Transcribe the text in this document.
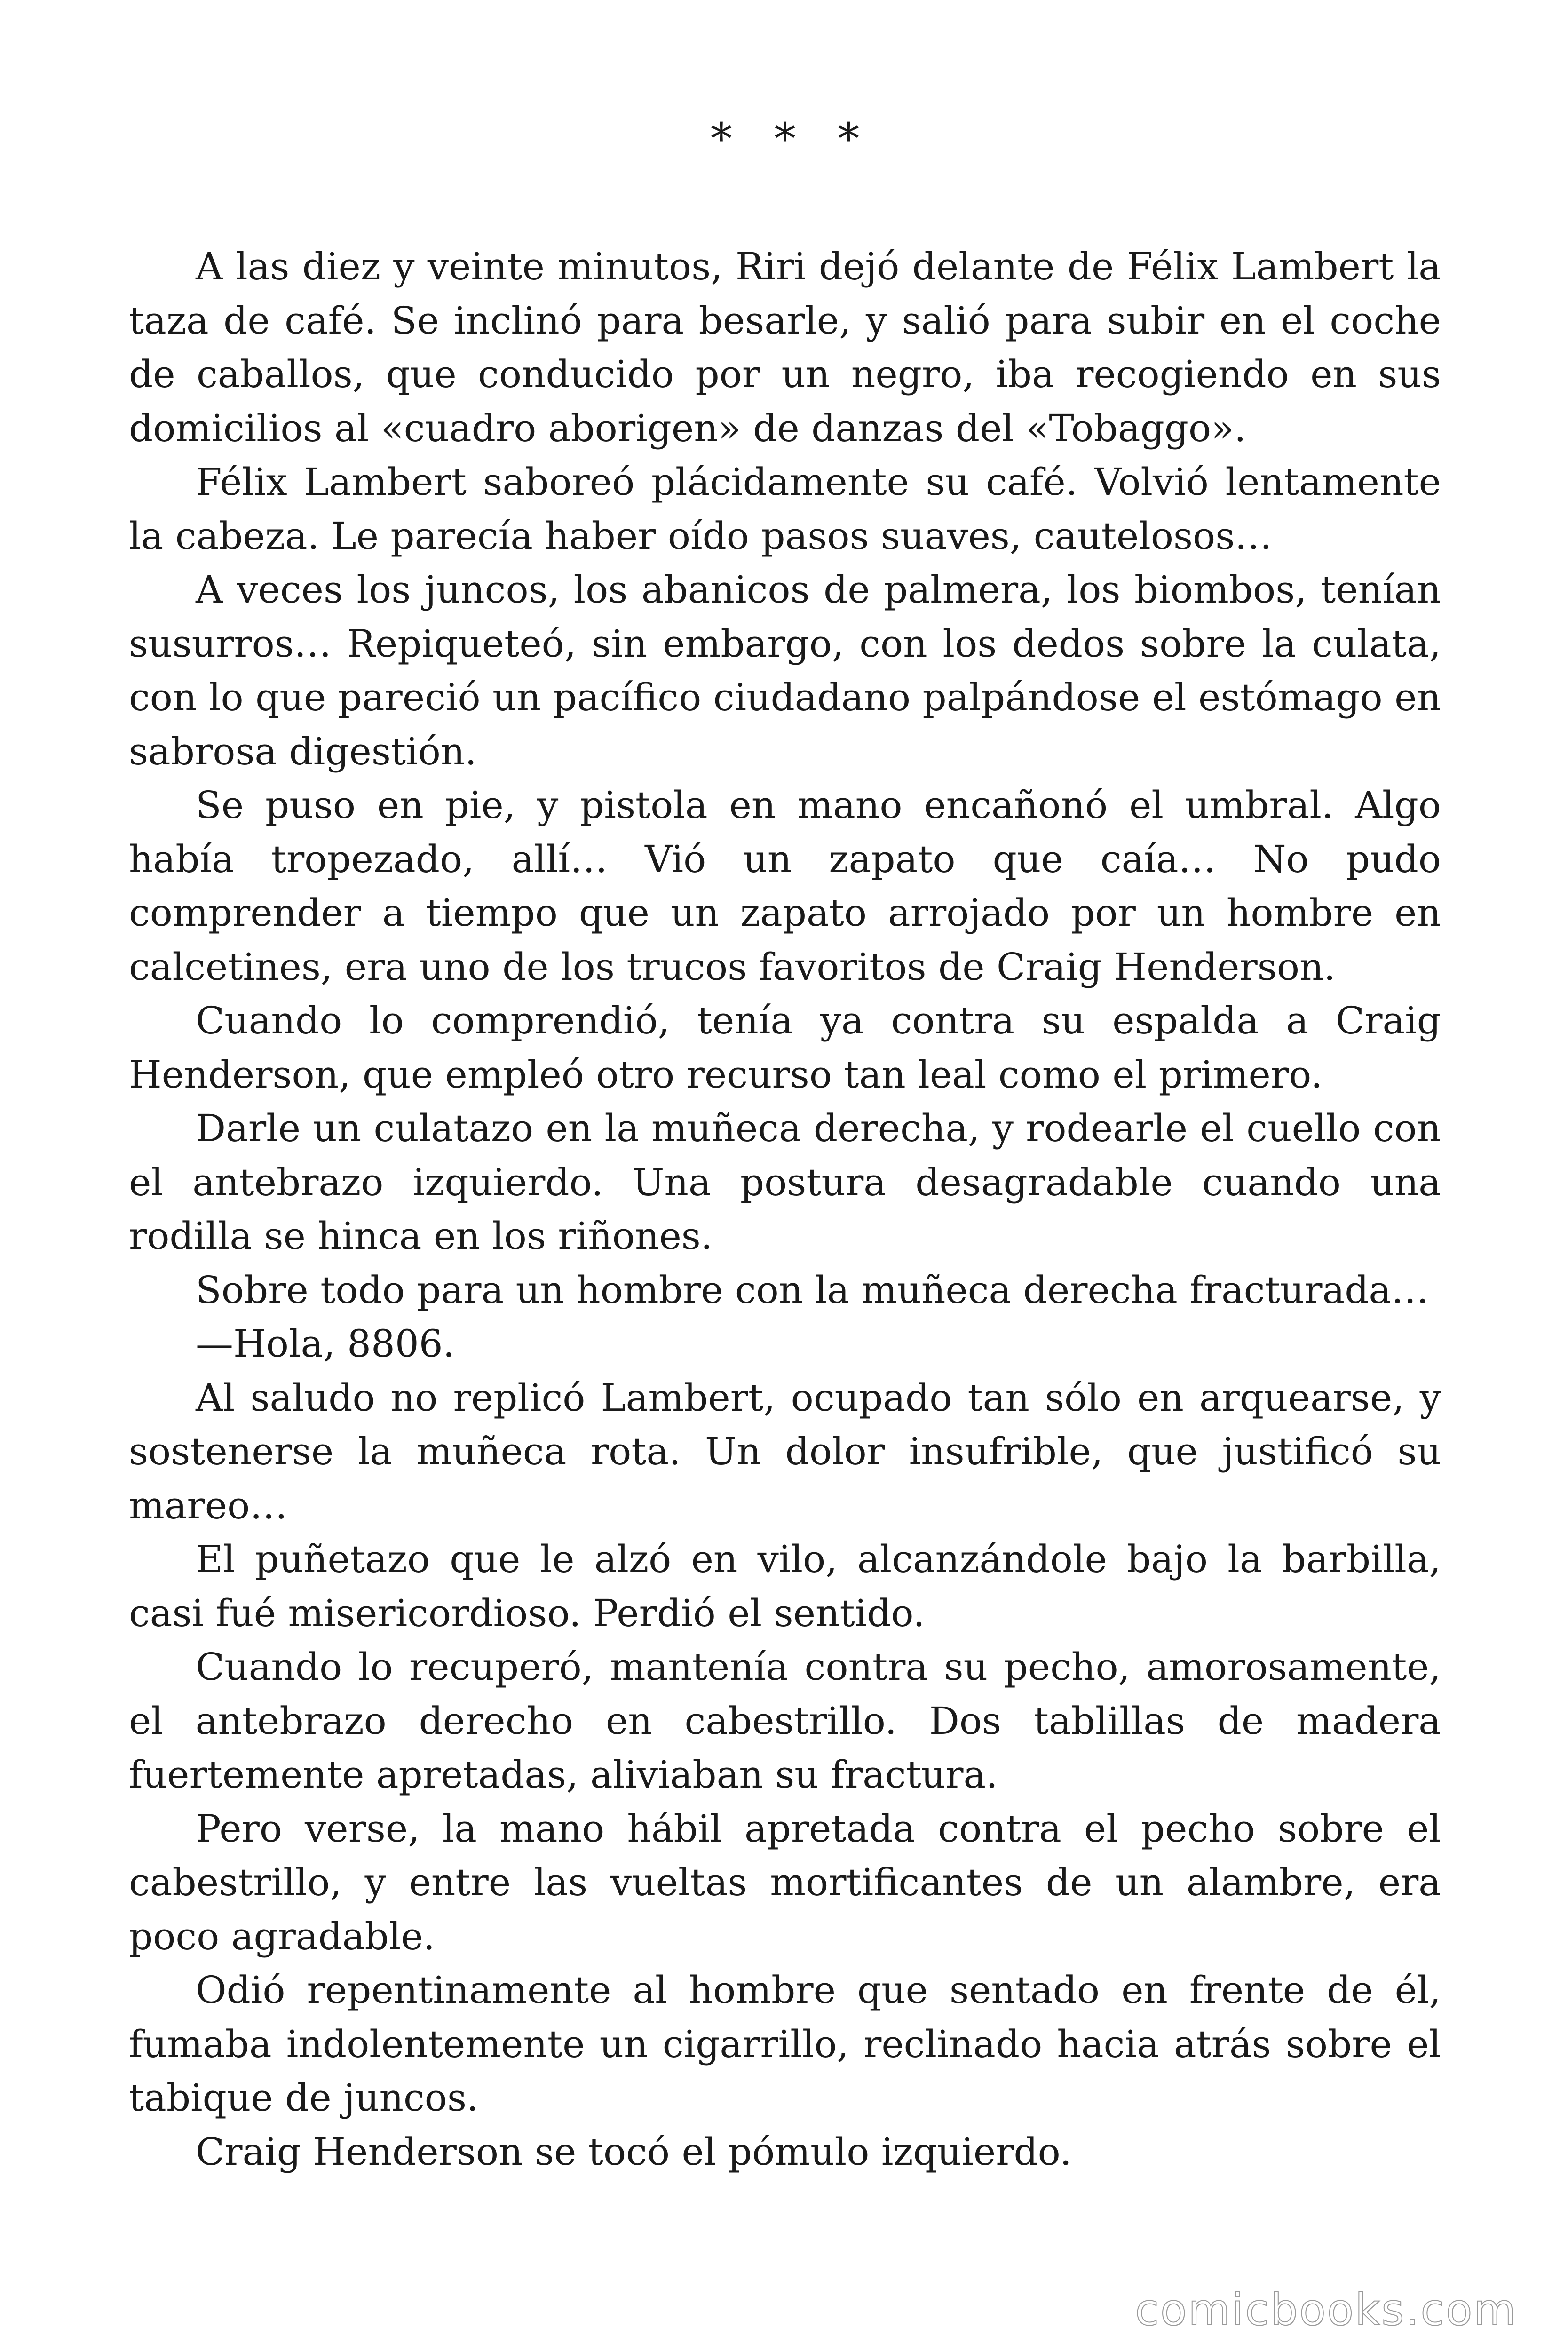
* * *

A las diez y veinte minutos, Riri dejó delante de Félix Lambert la taza de café. Se inclinó para besarle, y salió para subir en el coche de caballos, que conducido por un negro, iba recogiendo en sus domicilios al «cuadro aborigen» de danzas del «Tobaggo».

Félix Lambert saboreó plácidamente su café. Volvió lentamente la cabeza. Le parecía haber oído pasos suaves, cautelosos…

A veces los juncos, los abanicos de palmera, los biombos, tenían susurros… Repiqueteó, sin embargo, con los dedos sobre la culata, con lo que pareció un pacífico ciudadano palpándose el estómago en sabrosa digestión.

Se puso en pie, y pistola en mano encañonó el umbral. Algo había tropezado, allí… Vió un zapato que caía… No pudo comprender a tiempo que un zapato arrojado por un hombre en calcetines, era uno de los trucos favoritos de Craig Henderson.

Cuando lo comprendió, tenía ya contra su espalda a Craig Henderson, que empleó otro recurso tan leal como el primero.

Darle un culatazo en la muñeca derecha, y rodearle el cuello con el antebrazo izquierdo. Una postura desagradable cuando una rodilla se hinca en los riñones.

Sobre todo para un hombre con la muñeca derecha fracturada…

—Hola, 8806.

Al saludo no replicó Lambert, ocupado tan sólo en arquearse, y sostenerse la muñeca rota. Un dolor insufrible, que justificó su mareo…

El puñetazo que le alzó en vilo, alcanzándole bajo la barbilla, casi fué misericordioso. Perdió el sentido.

Cuando lo recuperó, mantenía contra su pecho, amorosamente, el antebrazo derecho en cabestrillo. Dos tablillas de madera fuertemente apretadas, aliviaban su fractura.

Pero verse, la mano hábil apretada contra el pecho sobre el cabestrillo, y entre las vueltas mortificantes de un alambre, era poco agradable.

Odió repentinamente al hombre que sentado en frente de él, fumaba indolentemente un cigarrillo, reclinado hacia atrás sobre el tabique de juncos.

Craig Henderson se tocó el pómulo izquierdo.

comicbooks.com
